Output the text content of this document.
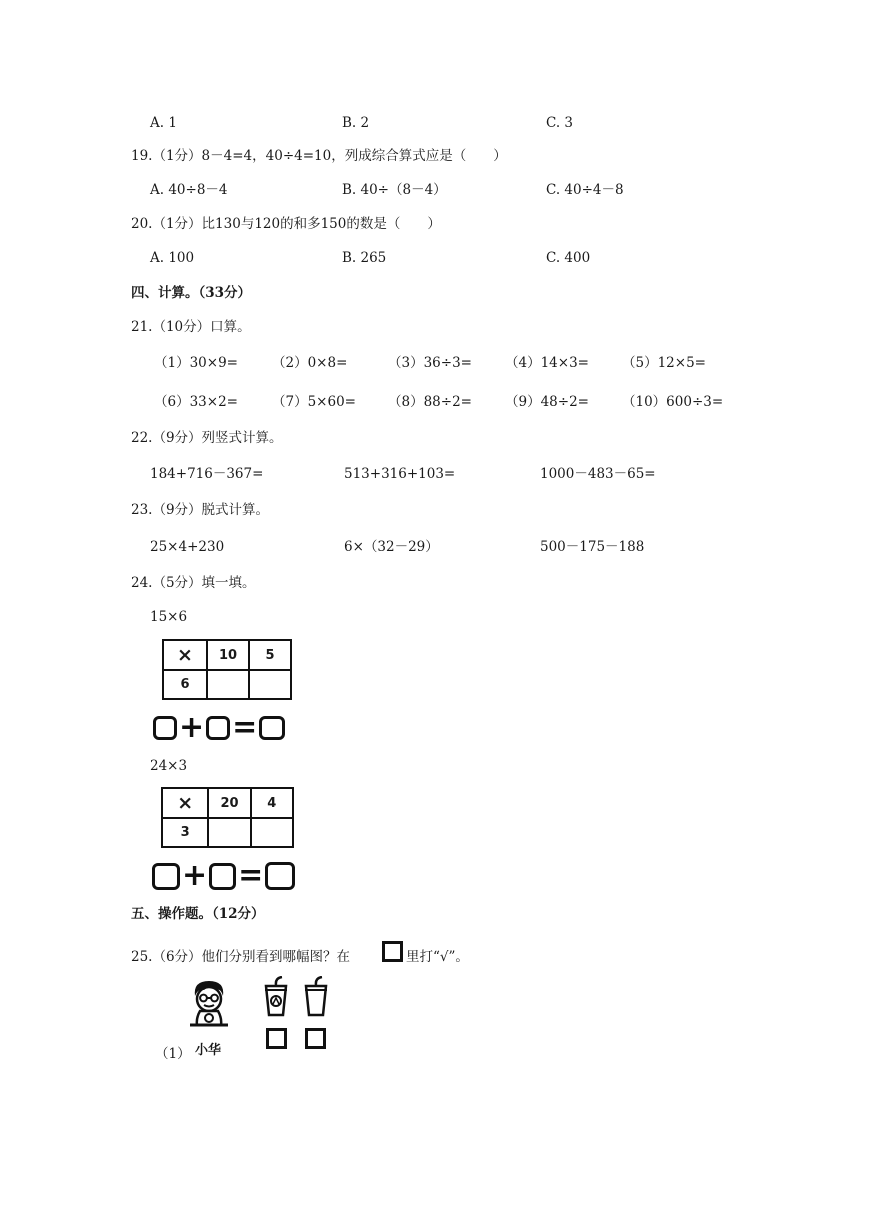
A. 1	B. 2	C. 3
19.（1分）8－4=4，40÷4=10，列成综合算式应是（　　）
A. 40÷8－4	B. 40÷（8－4）	C. 40÷4－8
20.（1分）比130与120的和多150的数是（　　）
A. 100	B. 265	C. 400
四、计算。（33分）
21.（10分）口算。
（1）30×9=	（2）0×8=	（3）36÷3= （4）14×3= （5）12×5=
（6）33×2=	（7）5×60= （8）88÷2= （9）48÷2= （10）600÷3=
22.（9分）列竖式计算。
184+716－367=	513+316+103=	1000－483－65=
23.（9分）脱式计算。
25×4+230	6×（32－29）	500－175－188
24.（5分）填一填。
15×6
×	10	5
6		
+ =
24×3
×	20	4
3		
+ =
五、操作题。（12分）
25.（6分）他们分别看到哪幅图？在	里打“√”。
（1） 小华
